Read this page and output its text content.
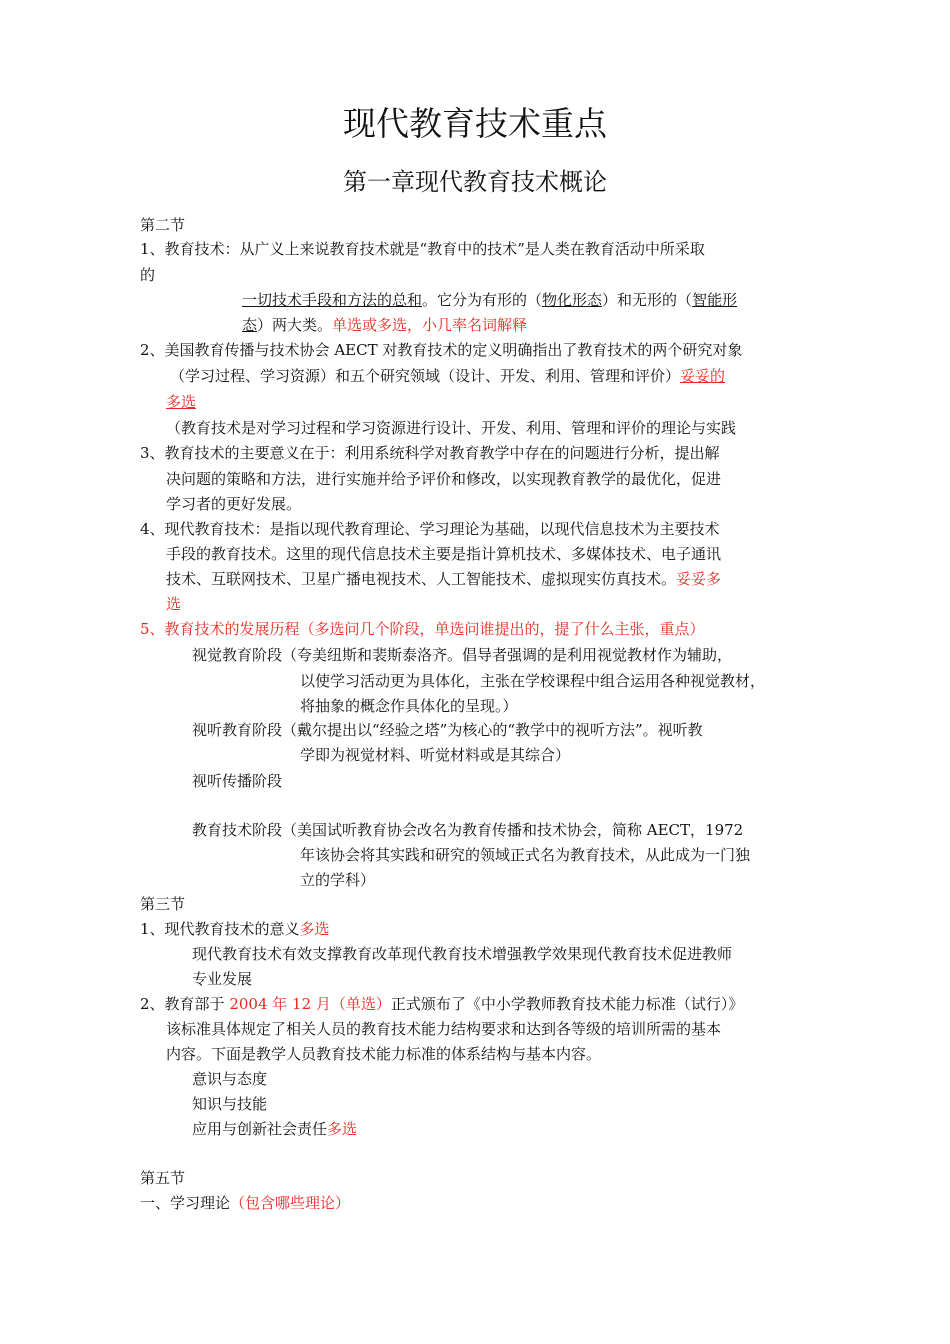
现代教育技术重点
第一章现代教育技术概论
第二节
1、教育技术：从广义上来说教育技术就是“教育中的技术”是人类在教育活动中所采取
的
一切技术手段和方法的总和。它分为有形的（物化形态）和无形的（智能形
态）两大类。单选或多选，小几率名词解释
2、美国教育传播与技术协会 AECT 对教育技术的定义明确指出了教育技术的两个研究对象
（学习过程、学习资源）和五个研究领域（设计、开发、利用、管理和评价）妥妥的
多选
（教育技术是对学习过程和学习资源进行设计、开发、利用、管理和评价的理论与实践
3、教育技术的主要意义在于：利用系统科学对教育教学中存在的问题进行分析，提出解
决问题的策略和方法，进行实施并给予评价和修改，以实现教育教学的最优化，促进
学习者的更好发展。
4、现代教育技术：是指以现代教育理论、学习理论为基础，以现代信息技术为主要技术
手段的教育技术。这里的现代信息技术主要是指计算机技术、多媒体技术、电子通讯
技术、互联网技术、卫星广播电视技术、人工智能技术、虚拟现实仿真技术。妥妥多
选
5、教育技术的发展历程（多选问几个阶段，单选问谁提出的，提了什么主张，重点）
视觉教育阶段（夸美纽斯和裴斯泰洛齐。倡导者强调的是利用视觉教材作为辅助，
以使学习活动更为具体化，主张在学校课程中组合运用各种视觉教材，
将抽象的概念作具体化的呈现。）
视听教育阶段（戴尔提出以“经验之塔”为核心的“教学中的视听方法”。视听教
学即为视觉材料、听觉材料或是其综合）
视听传播阶段
教育技术阶段（美国试听教育协会改名为教育传播和技术协会，简称 AECT，1972
年该协会将其实践和研究的领域正式名为教育技术，从此成为一门独
立的学科）
第三节
1、现代教育技术的意义多选
现代教育技术有效支撑教育改革现代教育技术增强教学效果现代教育技术促进教师
专业发展
2、教育部于 2004 年 12 月（单选）正式颁布了《中小学教师教育技术能力标准（试行）》
该标准具体规定了相关人员的教育技术能力结构要求和达到各等级的培训所需的基本
内容。下面是教学人员教育技术能力标准的体系结构与基本内容。
意识与态度
知识与技能
应用与创新社会责任多选
第五节
一、学习理论（包含哪些理论）
